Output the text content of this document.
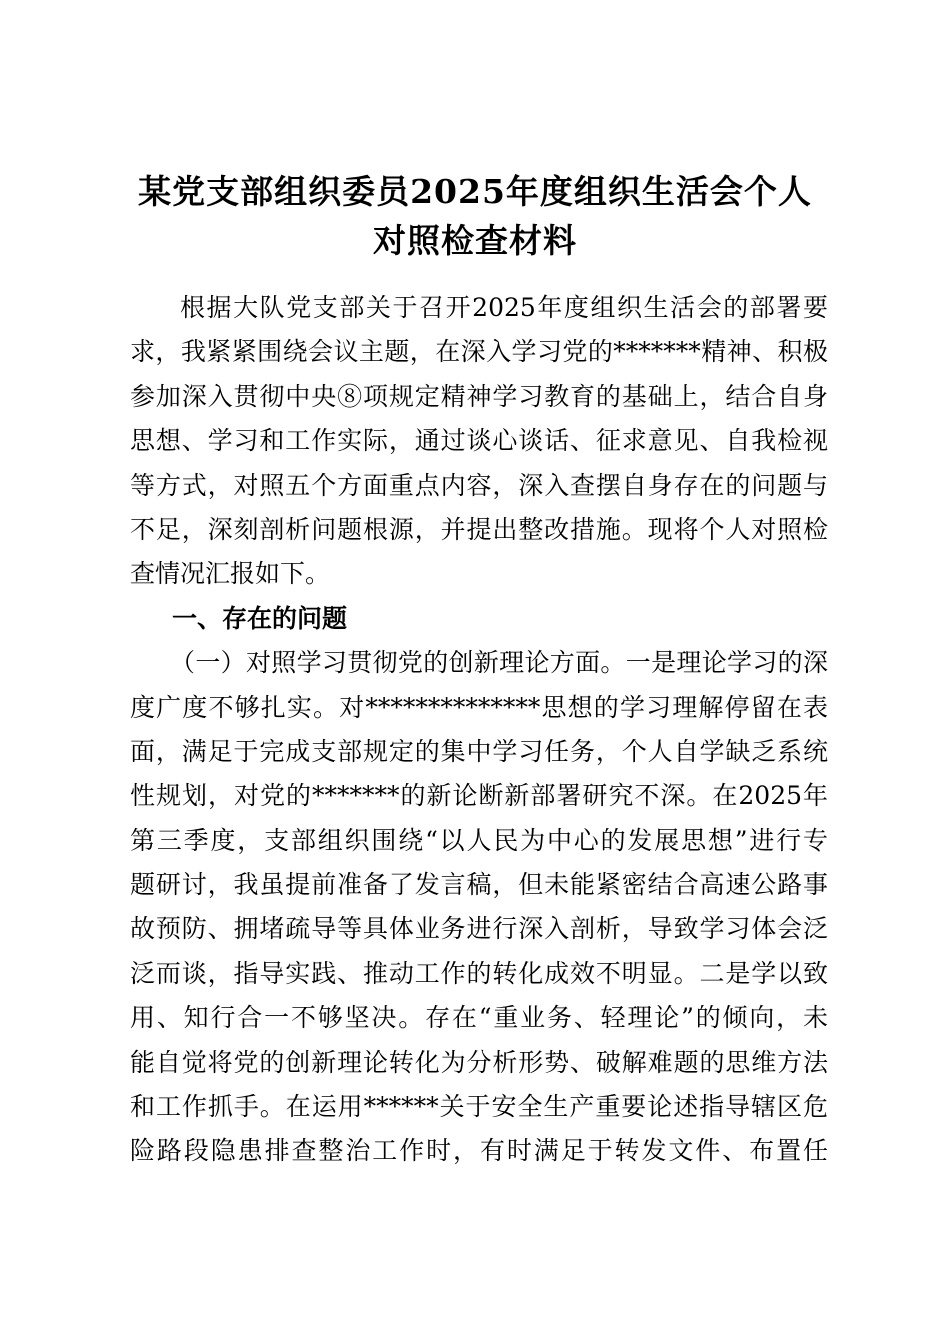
某党支部组织委员2025年度组织生活会个人
对照检查材料
根据大队党支部关于召开2025年度组织生活会的部署要
求，我紧紧围绕会议主题，在深入学习党的*******精神、积极
参加深入贯彻中央⑧项规定精神学习教育的基础上，结合自身
思想、学习和工作实际，通过谈心谈话、征求意见、自我检视
等方式，对照五个方面重点内容，深入查摆自身存在的问题与
不足，深刻剖析问题根源，并提出整改措施。现将个人对照检
查情况汇报如下。
一、存在的问题
（一）对照学习贯彻党的创新理论方面。一是理论学习的深
度广度不够扎实。对**************思想的学习理解停留在表
面，满足于完成支部规定的集中学习任务，个人自学缺乏系统
性规划，对党的*******的新论断新部署研究不深。在2025年
第三季度，支部组织围绕“以人民为中心的发展思想”进行专
题研讨，我虽提前准备了发言稿，但未能紧密结合高速公路事
故预防、拥堵疏导等具体业务进行深入剖析，导致学习体会泛
泛而谈，指导实践、推动工作的转化成效不明显。二是学以致
用、知行合一不够坚决。存在“重业务、轻理论”的倾向，未
能自觉将党的创新理论转化为分析形势、破解难题的思维方法
和工作抓手。在运用******关于安全生产重要论述指导辖区危
险路段隐患排查整治工作时，有时满足于转发文件、布置任
